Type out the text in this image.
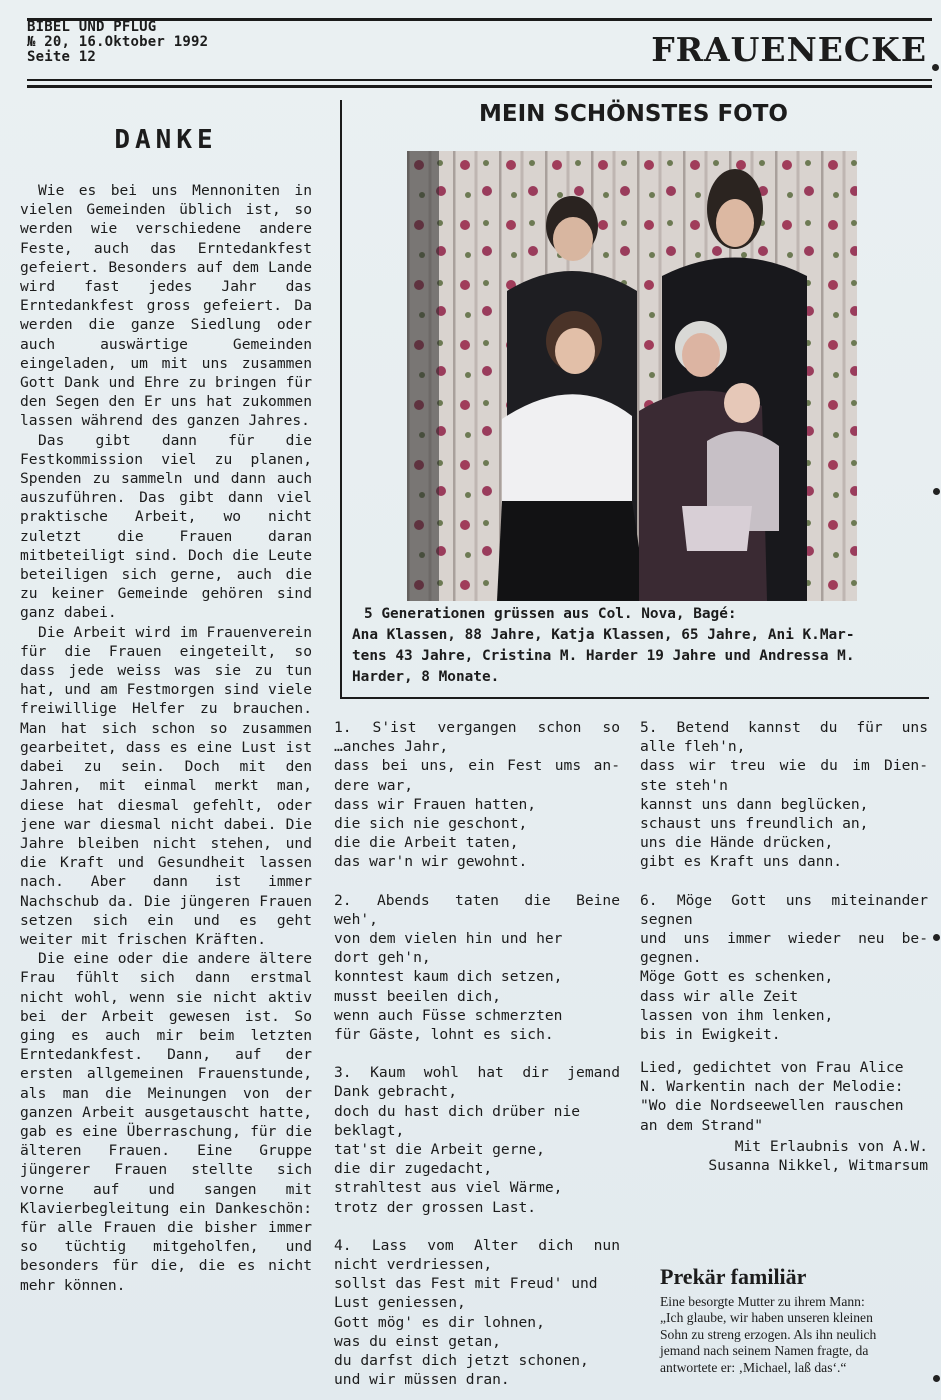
BIBEL UND PFLUG
№ 20, 16.Oktober 1992
Seite 12	FRAUENECKE
DANKE

Wie es bei uns Mennoniten in vielen Gemeinden üblich ist, so werden wie verschiedene andere Feste, auch das Erntedankfest gefeiert. Besonders auf dem Lande wird fast jedes Jahr das Erntedankfest gross gefeiert. Da werden die ganze Siedlung oder auch auswärtige Gemeinden eingeladen, um mit uns zusammen Gott Dank und Ehre zu bringen für den Segen den Er uns hat zukommen lassen während des ganzen Jahres.

Das gibt dann für die Festkommission viel zu planen, Spenden zu sammeln und dann auch auszuführen. Das gibt dann viel praktische Arbeit, wo nicht zuletzt die Frauen daran mitbeteiligt sind. Doch die Leute beteiligen sich gerne, auch die zu keiner Gemeinde gehören sind ganz dabei.

Die Arbeit wird im Frauenverein für die Frauen eingeteilt, so dass jede weiss was sie zu tun hat, und am Festmorgen sind viele freiwillige Helfer zu brauchen. Man hat sich schon so zusammen gearbeitet, dass es eine Lust ist dabei zu sein. Doch mit den Jahren, mit einmal merkt man, diese hat diesmal gefehlt, oder jene war diesmal nicht dabei. Die Jahre bleiben nicht stehen, und die Kraft und Gesundheit lassen nach. Aber dann ist immer Nachschub da. Die jüngeren Frauen setzen sich ein und es geht weiter mit frischen Kräften.

Die eine oder die andere ältere Frau fühlt sich dann erstmal nicht wohl, wenn sie nicht aktiv bei der Arbeit gewesen ist. So ging es auch mir beim letzten Erntedankfest. Dann, auf der ersten allgemeinen Frauenstunde, als man die Meinungen von der ganzen Arbeit ausgetauscht hatte, gab es eine Überraschung, für die älteren Frauen. Eine Gruppe jüngerer Frauen stellte sich vorne auf und sangen mit Klavierbegleitung ein Dankeschön: für alle Frauen die bisher immer so tüchtig mitgeholfen, und besonders für die, die es nicht mehr können.

MEIN SCHÖNSTES FOTO
5 Generationen grüssen aus Col. Nova, Bagé:
Ana Klassen, 88 Jahre, Katja Klassen, 65 Jahre, Ani K.Mar-
tens 43 Jahre, Cristina M. Harder 19 Jahre und Andressa M.
Harder, 8 Monate.
1. S'ist vergangen schon so
…anches Jahr,
dass bei uns, ein Fest ums an-
dere war,
dass wir Frauen hatten,
die sich nie geschont,
die die Arbeit taten,
das war'n wir gewohnt.
2. Abends taten die Beine
weh',
von dem vielen hin und her
dort geh'n,
konntest kaum dich setzen,
musst beeilen dich,
wenn auch Füsse schmerzten
für Gäste, lohnt es sich.
3. Kaum wohl hat dir jemand
Dank gebracht,
doch du hast dich drüber nie
beklagt,
tat'st die Arbeit gerne,
die dir zugedacht,
strahltest aus viel Wärme,
trotz der grossen Last.
4. Lass vom Alter dich nun
nicht verdriessen,
sollst das Fest mit Freud' und
Lust geniessen,
Gott mög' es dir lohnen,
was du einst getan,
du darfst dich jetzt schonen,
und wir müssen dran.
5. Betend kannst du für uns
alle fleh'n,
dass wir treu wie du im Dien-
ste steh'n
kannst uns dann beglücken,
schaust uns freundlich an,
uns die Hände drücken,
gibt es Kraft uns dann.
6. Möge Gott uns miteinander
segnen
und uns immer wieder neu be-
gegnen.
Möge Gott es schenken,
dass wir alle Zeit
lassen von ihm lenken,
bis in Ewigkeit.
Lied, gedichtet von Frau Alice
N. Warkentin nach der Melodie:
"Wo die Nordseewellen rauschen
an dem Strand"
Mit Erlaubnis von A.W.
Susanna Nikkel, Witmarsum
Prekär familiär
Eine besorgte Mutter zu ihrem Mann:
„Ich glaube, wir haben unseren kleinen
Sohn zu streng erzogen. Als ihn neulich
jemand nach seinem Namen fragte, da
antwortete er: ‚Michael, laß das‘.“
